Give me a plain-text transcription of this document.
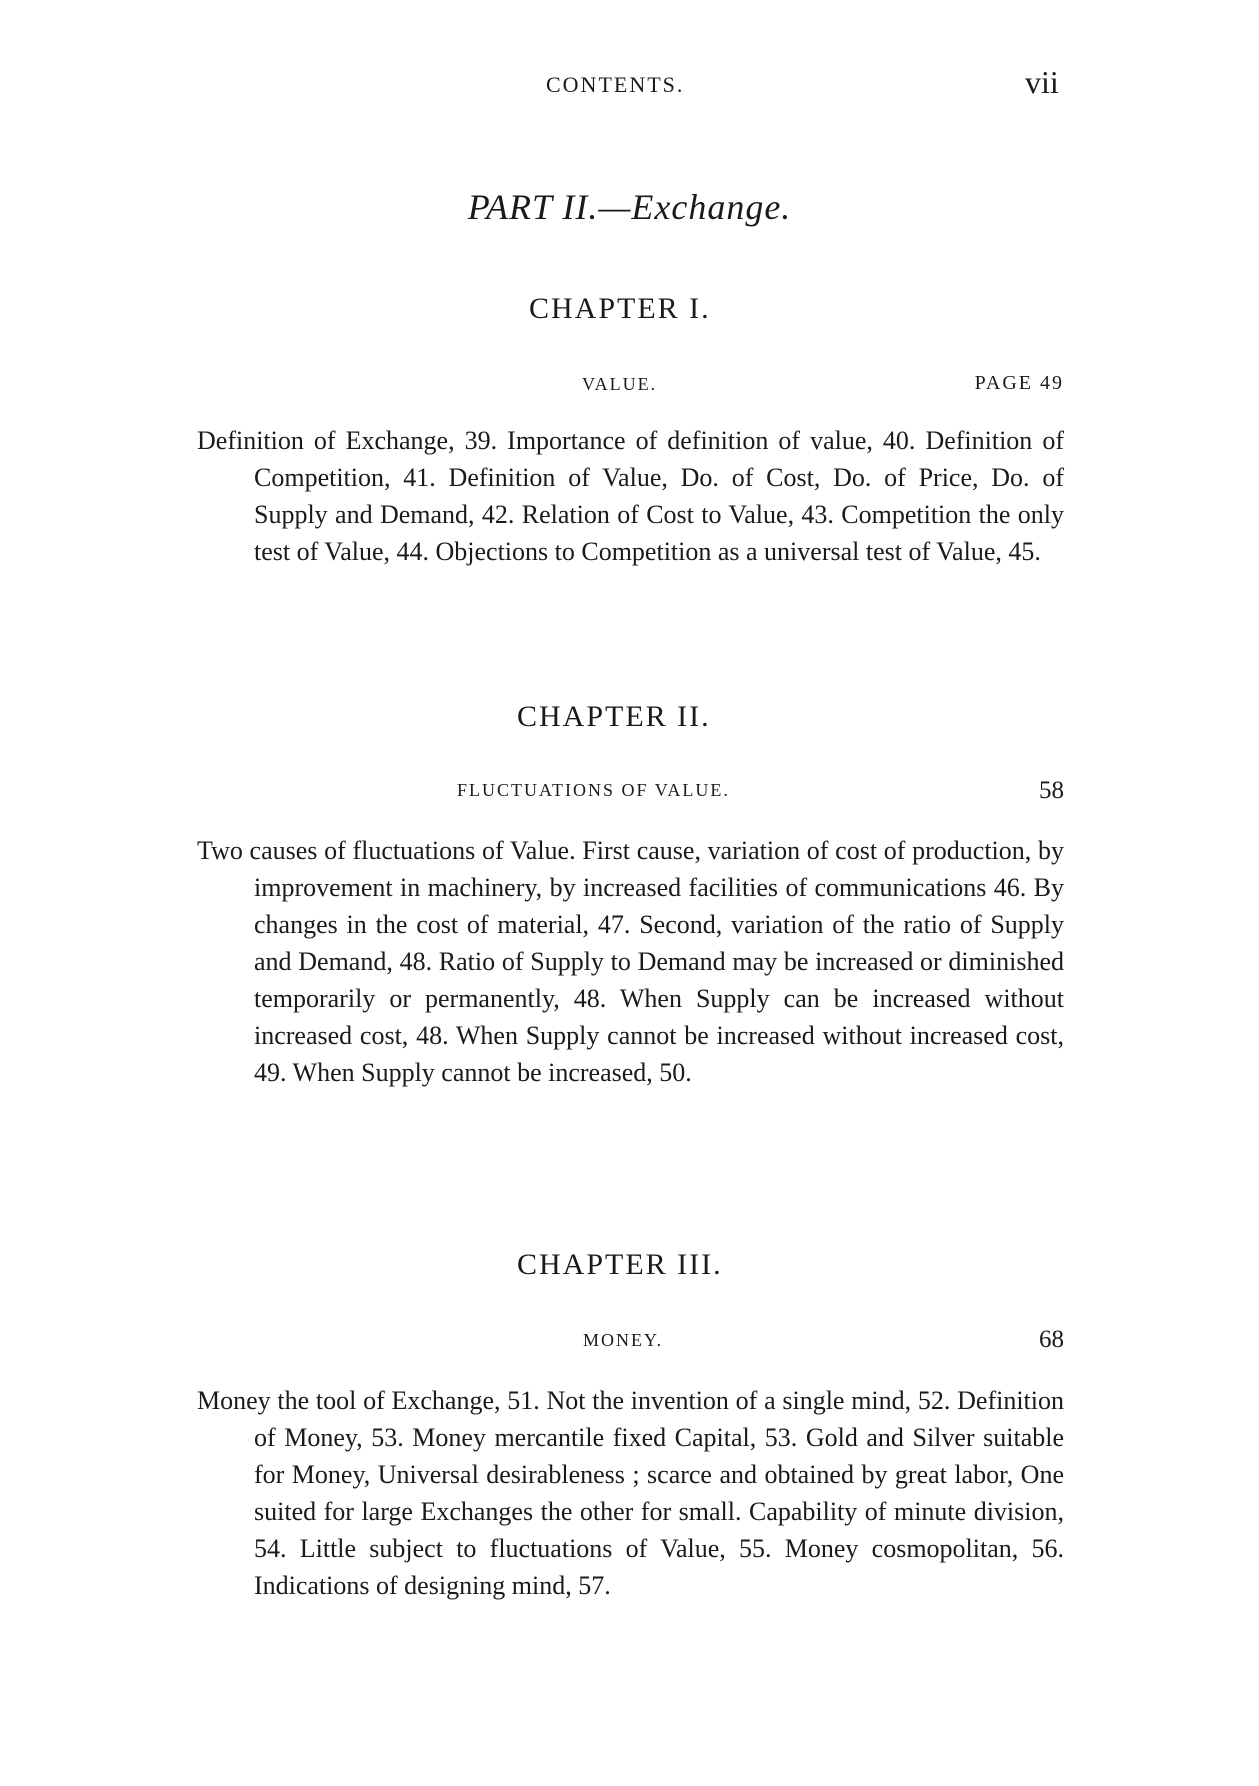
CONTENTS.	vii
PART II.—Exchange.
CHAPTER I.
VALUE.	PAGE 49
Definition of Exchange, 39. Importance of definition of value, 40. Definition of Competition, 41. Definition of Value, Do. of Cost, Do. of Price, Do. of Supply and Demand, 42. Relation of Cost to Value, 43. Competition the only test of Value, 44. Objections to Competition as a universal test of Value, 45.
CHAPTER II.
FLUCTUATIONS OF VALUE.	58
Two causes of fluctuations of Value. First cause, variation of cost of production, by improvement in machinery, by increased facilities of communications 46. By changes in the cost of material, 47. Second, variation of the ratio of Supply and Demand, 48. Ratio of Supply to Demand may be increased or diminished temporarily or permanently, 48. When Supply can be increased without increased cost, 48. When Supply cannot be increased without increased cost, 49. When Supply cannot be increased, 50.
CHAPTER III.
MONEY.	68
Money the tool of Exchange, 51. Not the invention of a single mind, 52. Definition of Money, 53. Money mercantile fixed Capital, 53. Gold and Silver suitable for Money, Universal desirableness ; scarce and obtained by great labor, One suited for large Exchanges the other for small. Capability of minute division, 54. Little subject to fluctuations of Value, 55. Money cosmopolitan, 56. Indications of designing mind, 57.
